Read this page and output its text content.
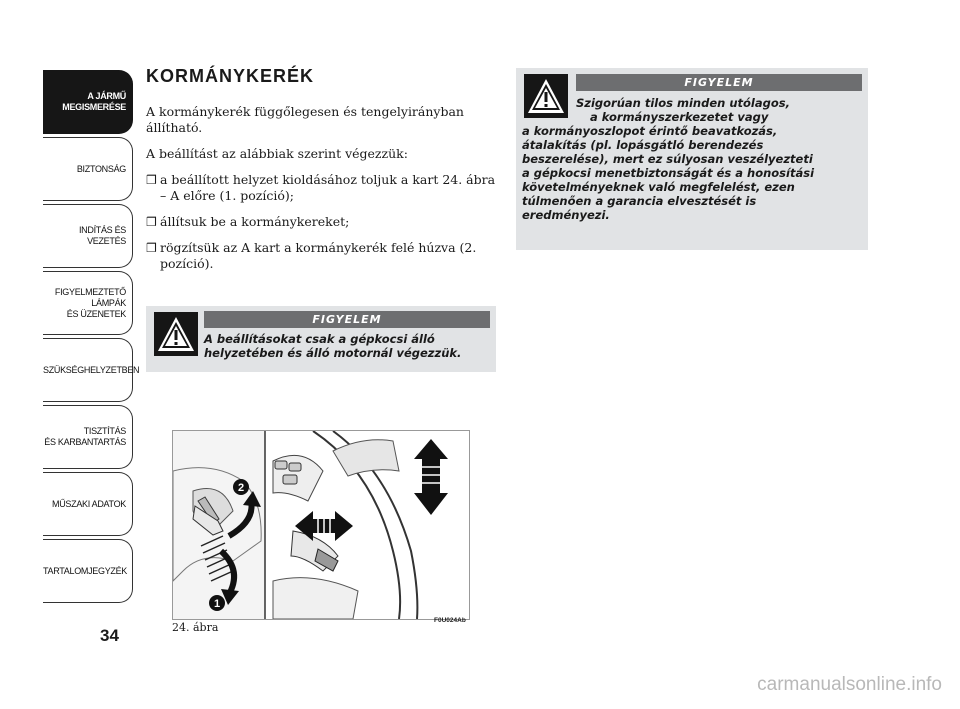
A JÁRMŰ
MEGISMERÉSE
BIZTONSÁG
INDÍTÁS ÉS VEZETÉS
FIGYELMEZTETŐ
LÁMPÁK
ÉS ÜZENETEK
SZÜKSÉGHELYZETBEN
TISZTÍTÁS
ÉS KARBANTARTÁS
MŰSZAKI ADATOK
TARTALOMJEGYZÉK
34
KORMÁNYKERÉK

A kormánykerék függőlegesen és tengelyirányban állítható.

A beállítást az alábbiak szerint végezzük:

❒ a beállított helyzet kioldásához toljuk a kart 24. ábra – A előre (1. pozíció);
❒ állítsuk be a kormánykereket;
❒ rögzítsük az A kart a kormánykerék felé húzva (2. pozíció).
FIGYELEM
A beállításokat csak a gépkocsi álló
helyzetében és álló motornál végezzük.
FIGYELEM
Szigorúan tilos minden utólagos,
a kormányszerkezetet vagy
a kormányoszlopot érintő beavatkozás,
átalakítás (pl. lopásgátló berendezés
beszerelése), mert ez súlyosan veszélyezteti
a gépkocsi menetbiztonságát és a honosítási
követelményeknek való megfelelést, ezen
túlmenően a garancia elvesztését is
eredményezi.
2
1
F0U024Ab
24. ábra
carmanualsonline.info
